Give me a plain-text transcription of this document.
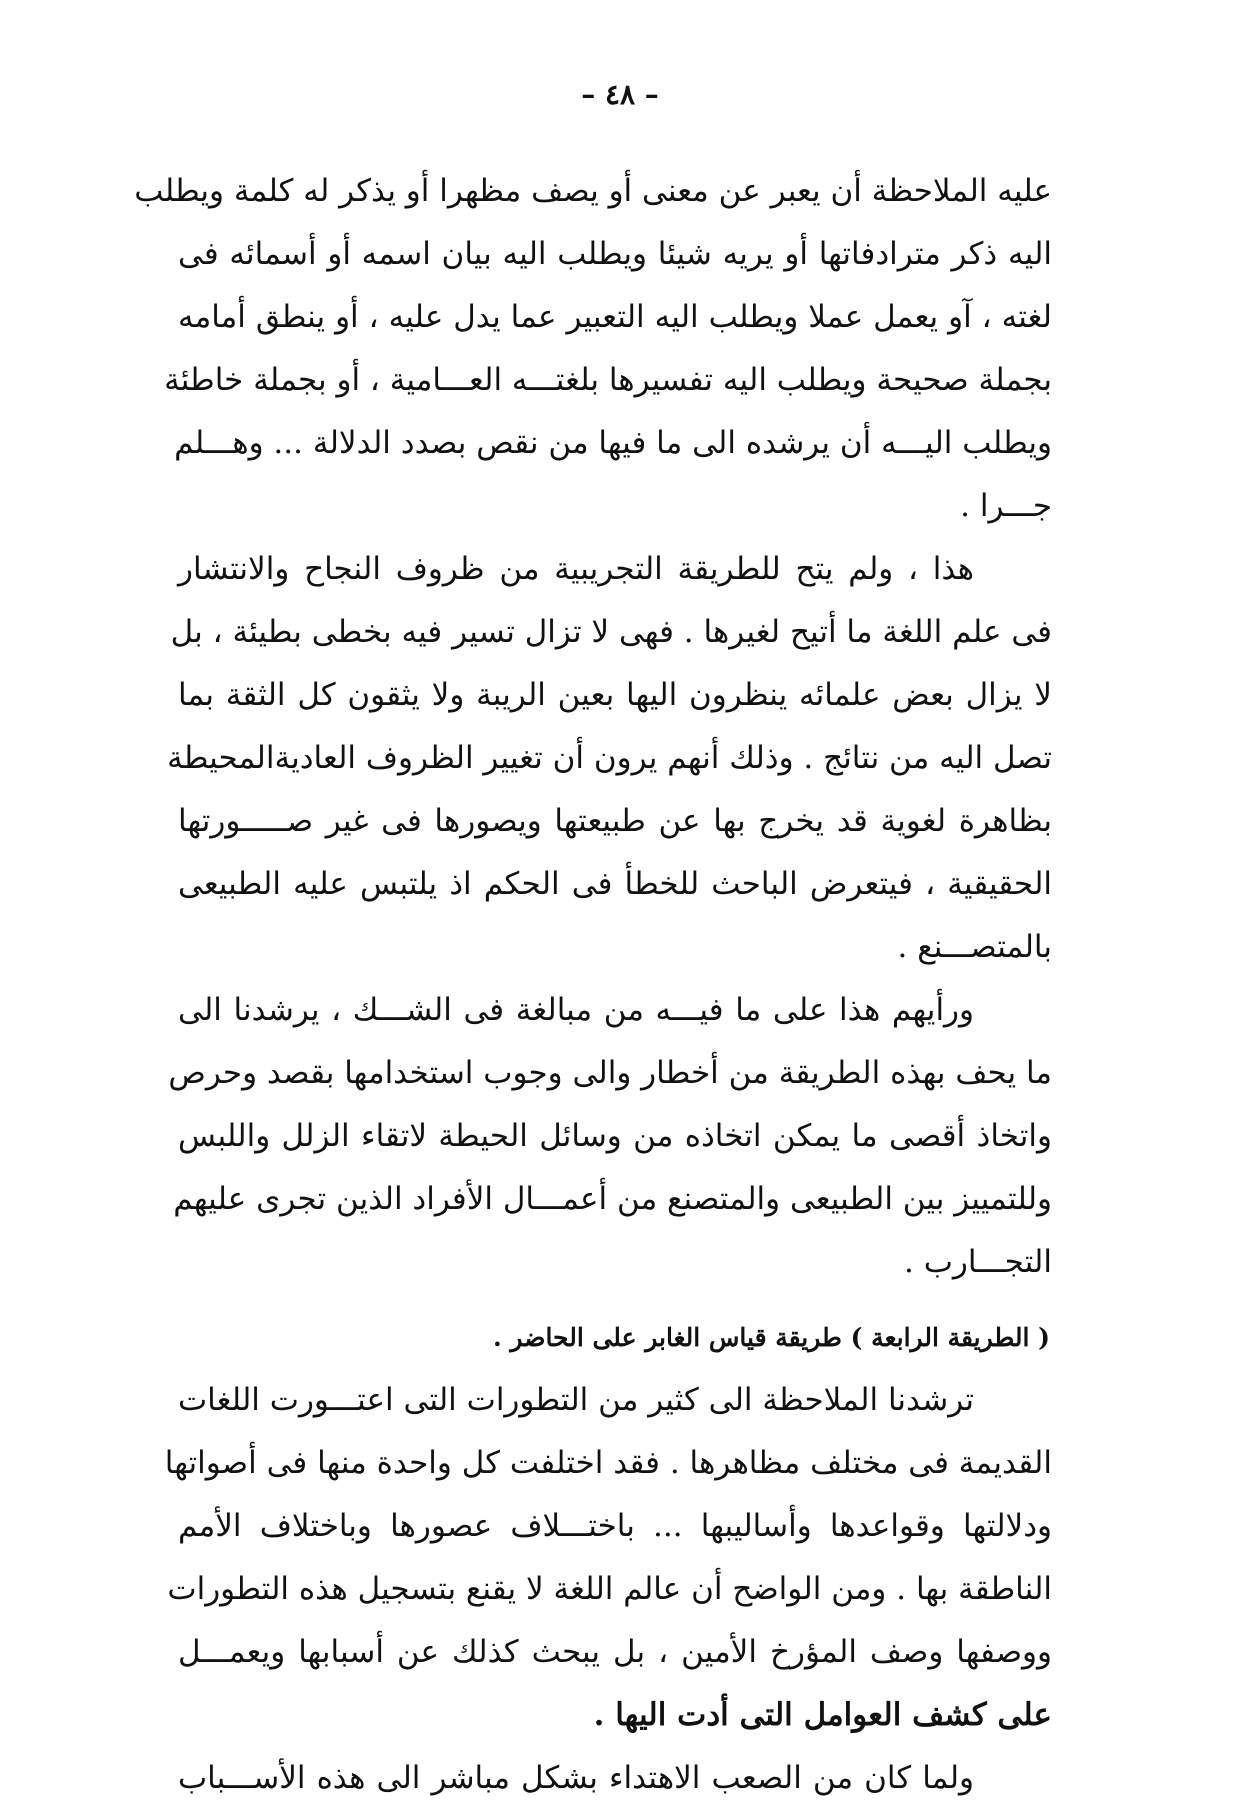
– ٤٨ –
عليه الملاحظة أن يعبر عن معنى أو يصف مظهرا أو يذكر له كلمة ويطلب
اليه ذكر مترادفاتها أو يريه شيئا ويطلب اليه بيان اسمه أو أسمائه فى
لغته ، آو يعمل عملا ويطلب اليه التعبير عما يدل عليه ، أو ينطق أمامه
بجملة صحيحة ويطلب اليه تفسيرها بلغتـــه العـــامية ، أو بجملة خاطئة
ويطلب اليـــه أن يرشده الى ما فيها من نقص بصدد الدلالة ... وهـــلم
جـــرا .
هذا ، ولم يتح للطريقة التجريبية من ظروف النجاح والانتشار
فى علم اللغة ما أتيح لغيرها . فهى لا تزال تسير فيه بخطى بطيئة ، بل
لا يزال بعض علمائه ينظرون اليها بعين الريبة ولا يثقون كل الثقة بما
تصل اليه من نتائج . وذلك أنهم يرون أن تغيير الظروف العاديةالمحيطة
بظاهرة لغوية قد يخرج بها عن طبيعتها ويصورها فى غير صـــــورتها
الحقيقية ، فيتعرض الباحث للخطأ فى الحكم اذ يلتبس عليه الطبيعى
بالمتصـــنع .
ورأيهم هذا على ما فيـــه من مبالغة فى الشـــك ، يرشدنا الى
ما يحف بهذه الطريقة من أخطار والى وجوب استخدامها بقصد وحرص
واتخاذ أقصى ما يمكن اتخاذه من وسائل الحيطة لاتقاء الزلل واللبس
وللتمييز بين الطبيعى والمتصنع من أعمـــال الأفراد الذين تجرى عليهم
التجـــارب .
( الطريقة الرابعة ) طريقة قياس الغابر على الحاضر .
ترشدنا الملاحظة الى كثير من التطورات التى اعتـــورت اللغات
القديمة فى مختلف مظاهرها . فقد اختلفت كل واحدة منها فى أصواتها
ودلالتها وقواعدها وأساليبها ... باختـــلاف عصورها وباختلاف الأمم
الناطقة بها . ومن الواضح أن عالم اللغة لا يقنع بتسجيل هذه التطورات
ووصفها وصف المؤرخ الأمين ، بل يبحث كذلك عن أسبابها ويعمـــل
على كشف العوامل التى أدت اليها .
ولما كان من الصعب الاهتداء بشكل مباشر الى هذه الأســـباب
